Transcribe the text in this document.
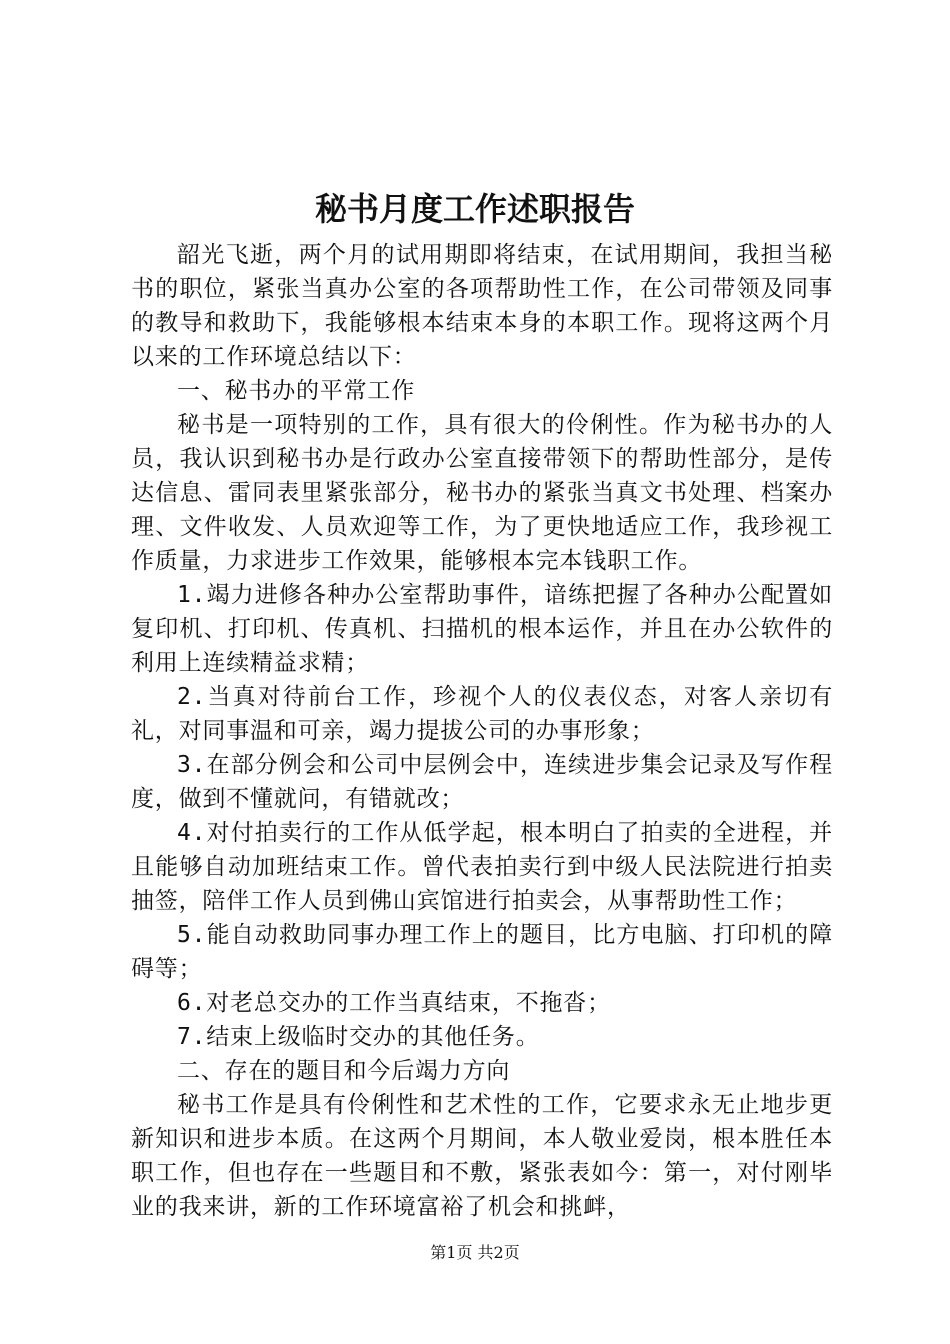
秘书月度工作述职报告

韶光飞逝，两个月的试用期即将结束，在试用期间，我担当秘书的职位，紧张当真办公室的各项帮助性工作，在公司带领及同事的教导和救助下，我能够根本结束本身的本职工作。现将这两个月以来的工作环境总结以下：

一、秘书办的平常工作

秘书是一项特别的工作，具有很大的伶俐性。作为秘书办的人员，我认识到秘书办是行政办公室直接带领下的帮助性部分，是传达信息、雷同表里紧张部分，秘书办的紧张当真文书处理、档案办理、文件收发、人员欢迎等工作，为了更快地适应工作，我珍视工作质量，力求进步工作效果，能够根本完本钱职工作。

1.竭力进修各种办公室帮助事件，谙练把握了各种办公配置如复印机、打印机、传真机、扫描机的根本运作，并且在办公软件的利用上连续精益求精；

2.当真对待前台工作，珍视个人的仪表仪态，对客人亲切有礼，对同事温和可亲，竭力提拔公司的办事形象；

3.在部分例会和公司中层例会中，连续进步集会记录及写作程度，做到不懂就问，有错就改；

4.对付拍卖行的工作从低学起，根本明白了拍卖的全进程，并且能够自动加班结束工作。曾代表拍卖行到中级人民法院进行拍卖抽签，陪伴工作人员到佛山宾馆进行拍卖会，从事帮助性工作；

5.能自动救助同事办理工作上的题目，比方电脑、打印机的障碍等；

6.对老总交办的工作当真结束，不拖沓；

7.结束上级临时交办的其他任务。

二、存在的题目和今后竭力方向

秘书工作是具有伶俐性和艺术性的工作，它要求永无止地步更新知识和进步本质。在这两个月期间，本人敬业爱岗，根本胜任本职工作，但也存在一些题目和不敷，紧张表如今：第一，对付刚毕业的我来讲，新的工作环境富裕了机会和挑衅，

第1页 共2页
